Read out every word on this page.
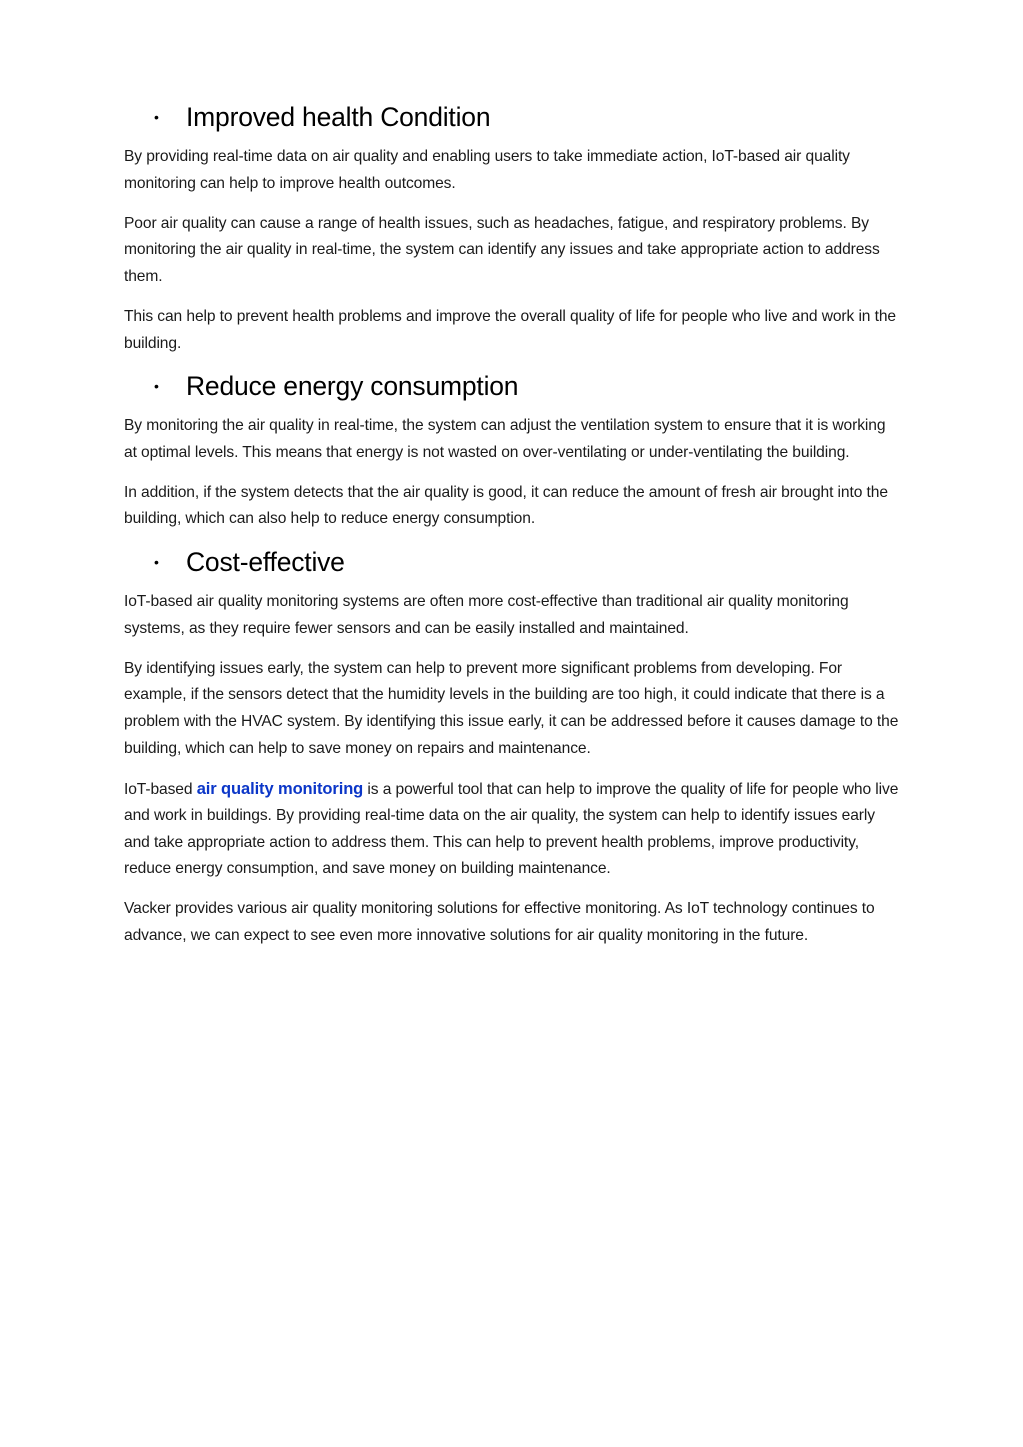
•	Improved health Condition

By providing real-time data on air quality and enabling users to take immediate action, IoT-based air quality monitoring can help to improve health outcomes.

Poor air quality can cause a range of health issues, such as headaches, fatigue, and respiratory problems. By monitoring the air quality in real-time, the system can identify any issues and take appropriate action to address them.

This can help to prevent health problems and improve the overall quality of life for people who live and work in the building.

•	Reduce energy consumption

By monitoring the air quality in real-time, the system can adjust the ventilation system to ensure that it is working at optimal levels. This means that energy is not wasted on over-ventilating or under-ventilating the building.

In addition, if the system detects that the air quality is good, it can reduce the amount of fresh air brought into the building, which can also help to reduce energy consumption.

•	Cost-effective

IoT-based air quality monitoring systems are often more cost-effective than traditional air quality monitoring systems, as they require fewer sensors and can be easily installed and maintained.

By identifying issues early, the system can help to prevent more significant problems from developing. For example, if the sensors detect that the humidity levels in the building are too high, it could indicate that there is a problem with the HVAC system. By identifying this issue early, it can be addressed before it causes damage to the building, which can help to save money on repairs and maintenance.

IoT-based air quality monitoring is a powerful tool that can help to improve the quality of life for people who live and work in buildings. By providing real-time data on the air quality, the system can help to identify issues early and take appropriate action to address them. This can help to prevent health problems, improve productivity, reduce energy consumption, and save money on building maintenance.

Vacker provides various air quality monitoring solutions for effective monitoring. As IoT technology continues to advance, we can expect to see even more innovative solutions for air quality monitoring in the future.
